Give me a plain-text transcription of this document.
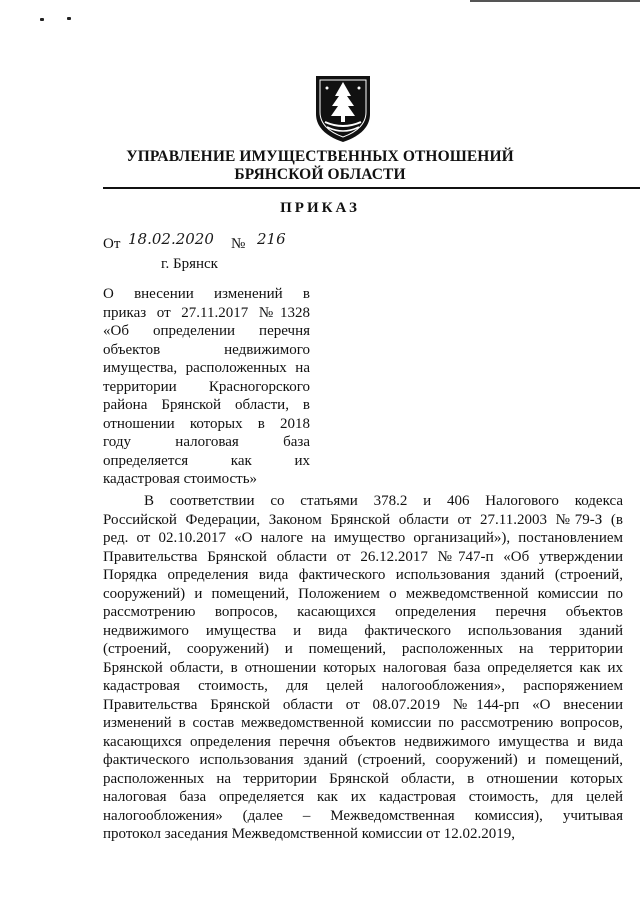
УПРАВЛЕНИЕ ИМУЩЕСТВЕННЫХ ОТНОШЕНИЙ
БРЯНСКОЙ ОБЛАСТИ
ПРИКАЗ
От 18.02.2020 № 216
г. Брянск
О внесении изменений в
приказ от 27.11.2017 №1328
«Об определении перечня
объектов недвижимого
имущества, расположенных на
территории Красногорского
района Брянской области, в
отношении которых в 2018
году налоговая база
определяется как их
кадастровая стоимость»
В соответствии со статьями 378.2 и 406 Налогового кодекса
Российской Федерации, Законом Брянской области от 27.11.2003 №79-З (в
ред. от 02.10.2017 «О налоге на имущество организаций»), постановлением
Правительства Брянской области от 26.12.2017 №747-п «Об утверждении
Порядка определения вида фактического использования зданий (строений,
сооружений) и помещений, Положением о межведомственной комиссии по
рассмотрению вопросов, касающихся определения перечня объектов
недвижимого имущества и вида фактического использования зданий
(строений, сооружений) и помещений, расположенных на территории
Брянской области, в отношении которых налоговая база определяется как их
кадастровая стоимость, для целей налогообложения», распоряжением
Правительства Брянской области от 08.07.2019 №144-рп «О внесении
изменений в состав межведомственной комиссии по рассмотрению вопросов,
касающихся определения перечня объектов недвижимого имущества и вида
фактического использования зданий (строений, сооружений) и помещений,
расположенных на территории Брянской области, в отношении которых
налоговая база определяется как их кадастровая стоимость, для целей
налогообложения» (далее – Межведомственная комиссия), учитывая
протокол заседания Межведомственной комиссии от 12.02.2019,
